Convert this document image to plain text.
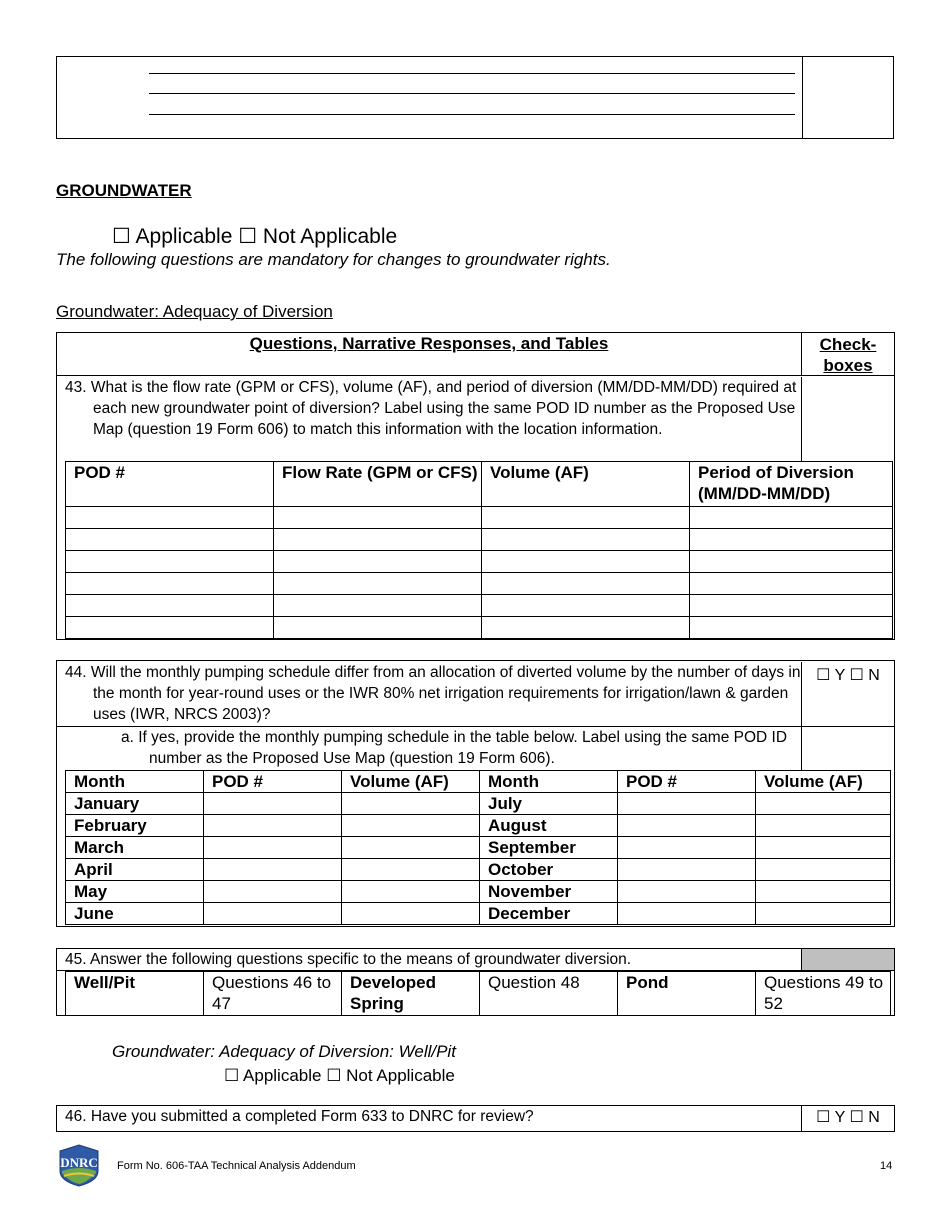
GROUNDWATER
☐ Applicable ☐ Not Applicable
The following questions are mandatory for changes to groundwater rights.
Groundwater: Adequacy of Diversion
Questions, Narrative Responses, and Tables	Check-
boxes
43. What is the flow rate (GPM or CFS), volume (AF), and period of diversion (MM/DD-MM/DD) required at each new groundwater point of diversion? Label using the same POD ID number as the Proposed Use Map (question 19 Form 606) to match this information with the location information.
POD #	Flow Rate (GPM or CFS)	Volume (AF)	Period of Diversion (MM/DD-MM/DD)

44. Will the monthly pumping schedule differ from an allocation of diverted volume by the number of days in the month for year-round uses or the IWR 80% net irrigation requirements for irrigation/lawn & garden uses (IWR, NRCS 2003)?
☐ Y ☐ N
a. If yes, provide the monthly pumping schedule in the table below. Label using the same POD ID number as the Proposed Use Map (question 19 Form 606).
Month	POD #	Volume (AF)	Month	POD #	Volume (AF)
January			July		
February			August		
March			September		
April			October		
May			November		
June			December		
45. Answer the following questions specific to the means of groundwater diversion.
Well/Pit	Questions 46 to 47	Developed Spring	Question 48	Pond	Questions 49 to 52
Groundwater: Adequacy of Diversion: Well/Pit
☐ Applicable ☐ Not Applicable
46. Have you submitted a completed Form 633 to DNRC for review?	☐ Y ☐ N
DNRC Form No. 606-TAA Technical Analysis Addendum	14
